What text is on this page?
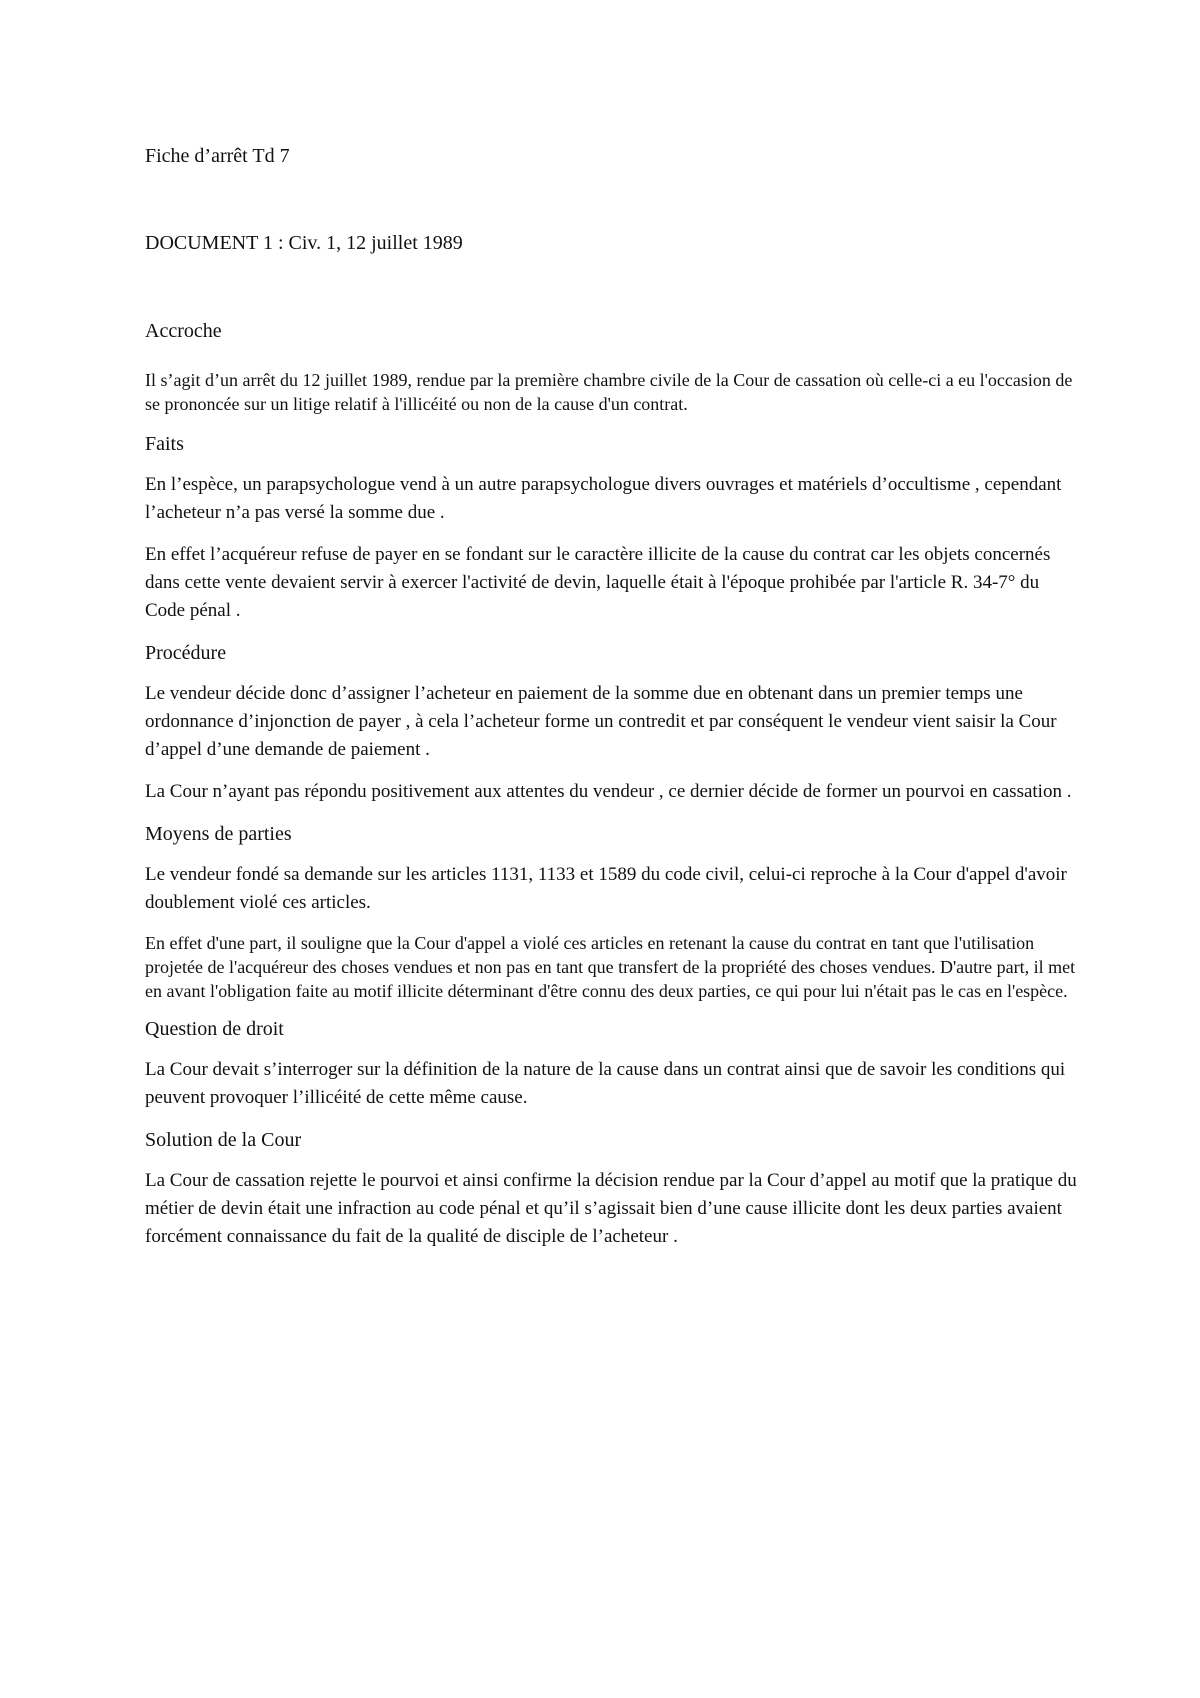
Fiche d’arrêt Td 7
DOCUMENT 1 : Civ. 1, 12 juillet 1989
Accroche

Il s’agit d’un arrêt du 12 juillet 1989, rendue par la première chambre civile de la Cour de cassation où celle-ci a eu l'occasion de se prononcée sur un litige relatif à l'illicéité ou non de la cause d'un contrat.

Faits

En l’espèce, un parapsychologue vend à un autre parapsychologue divers ouvrages et matériels d’occultisme , cependant l’acheteur n’a pas versé la somme due .

En effet l’acquéreur refuse de payer en se fondant sur le caractère illicite de la cause du contrat car les objets concernés dans cette vente devaient servir à exercer l'activité de devin, laquelle était à l'époque prohibée par l'article R. 34-7° du Code pénal .

Procédure

Le vendeur décide donc d’assigner l’acheteur en paiement de la somme due en obtenant dans un premier temps une ordonnance d’injonction de payer , à cela l’acheteur forme un contredit et par conséquent le vendeur vient saisir la Cour d’appel d’une demande de paiement .

La Cour n’ayant pas répondu positivement aux attentes du vendeur , ce dernier décide de former un pourvoi en cassation .

Moyens de parties

Le vendeur fondé sa demande sur les articles 1131, 1133 et 1589 du code civil, celui-ci reproche à la Cour d'appel d'avoir doublement violé ces articles.

En effet d'une part, il souligne que la Cour d'appel a violé ces articles en retenant la cause du contrat en tant que l'utilisation projetée de l'acquéreur des choses vendues et non pas en tant que transfert de la propriété des choses vendues. D'autre part, il met en avant l'obligation faite au motif illicite déterminant d'être connu des deux parties, ce qui pour lui n'était pas le cas en l'espèce.

Question de droit

La Cour devait s’interroger sur la définition de la nature de la cause dans un contrat ainsi que de savoir les conditions qui peuvent provoquer l’illicéité de cette même cause.

Solution de la Cour

La Cour de cassation rejette le pourvoi et ainsi confirme la décision rendue par la Cour d’appel au motif que la pratique du métier de devin était une infraction au code pénal et qu’il s’agissait bien d’une cause illicite dont les deux parties avaient forcément connaissance du fait de la qualité de disciple de l’acheteur .
